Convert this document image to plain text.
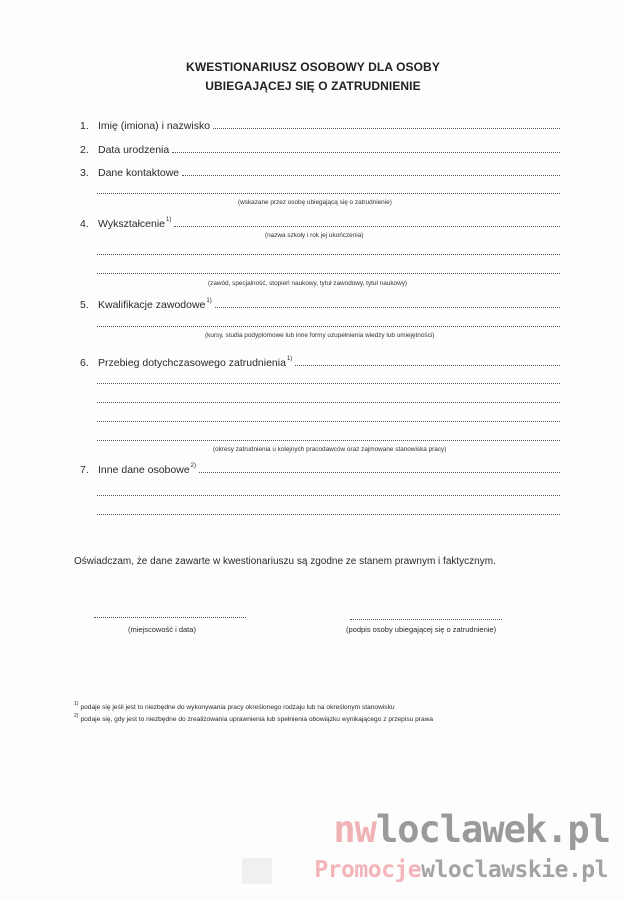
KWESTIONARIUSZ OSOBOWY DLA OSOBY
UBIEGAJĄCEJ SIĘ O ZATRUDNIENIE
1. Imię (imiona) i nazwisko
2. Data urodzenia
3. Dane kontaktowe
(wskazane przez osobę ubiegającą się o zatrudnienie)
4. Wykształcenie$^{1)}$
(nazwa szkoły i rok jej ukończenia)
(zawód, specjalność, stopień naukowy, tytuł zawodowy, tytuł naukowy)
5. Kwalifikacje zawodowe$^{1)}$
(kursy, studia podyplomowe lub inne formy uzupełnienia wiedzy lub umiejętności)
6. Przebieg dotychczasowego zatrudnienia$^{1)}$
(okresy zatrudnienia u kolejnych pracodawców oraz zajmowane stanowiska pracy)
7. Inne dane osobowe$^{2)}$
Oświadczam, że dane zawarte w kwestionariuszu są zgodne ze stanem prawnym i faktycznym.
(miejscowość i data)	(podpis osoby ubiegającej się o zatrudnienie)
$^{1)}$ podaje się jeśli jest to niezbędne do wykonywania pracy określonego rodzaju lub na określonym stanowisku
$^{2)}$ podaje się, gdy jest to niezbędne do zrealizowania uprawnienia lub spełnienia obowiązku wynikającego z przepisu prawa
nwloclawek.pl
Promocjewloclawskie.pl
